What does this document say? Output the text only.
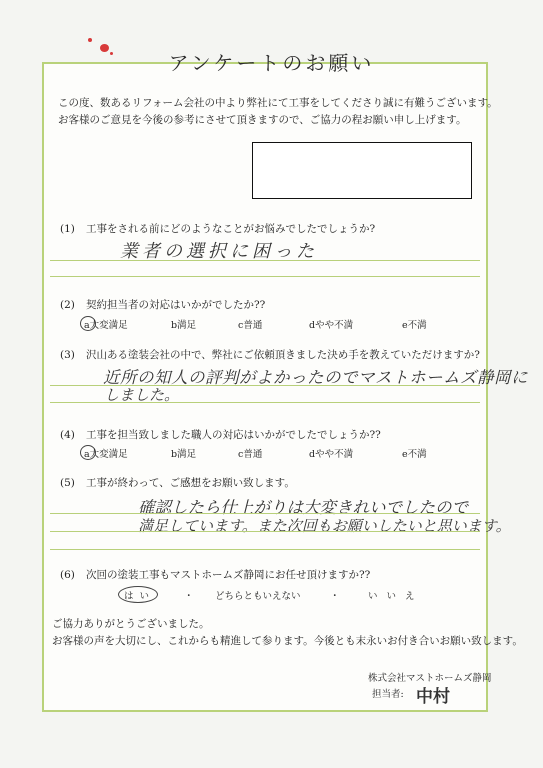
アンケートのお願い
この度、数あるリフォーム会社の中より弊社にて工事をしてくださり誠に有難うございます。
お客様のご意見を今後の参考にさせて頂きますので、ご協力の程お願い申し上げます。
(1) 工事をされる前にどのようなことがお悩みでしたでしょうか?
業者の選択に困った
(2) 契約担当者の対応はいかがでしたか??
a大変満足	b満足	c普通	dやや不満	e不満
(3) 沢山ある塗装会社の中で、弊社にご依頼頂きました決め手を教えていただけますか?
近所の知人の評判がよかったのでマストホームズ静岡に
しました。
(4) 工事を担当致しました職人の対応はいかがでしたでしょうか??
a大変満足	b満足	c普通	dやや不満	e不満
(5) 工事が終わって、ご感想をお願い致します。
確認したら仕上がりは大変きれいでしたので
満足しています。また次回もお願いしたいと思います。
(6) 次回の塗装工事もマストホームズ静岡にお任せ頂けますか??
はい	・ どちらともいえない	・	いいえ
ご協力ありがとうございました。
お客様の声を大切にし、これからも精進して参ります。今後とも末永いお付き合いお願い致します。
株式会社マストホームズ静岡
担当者: 中村
